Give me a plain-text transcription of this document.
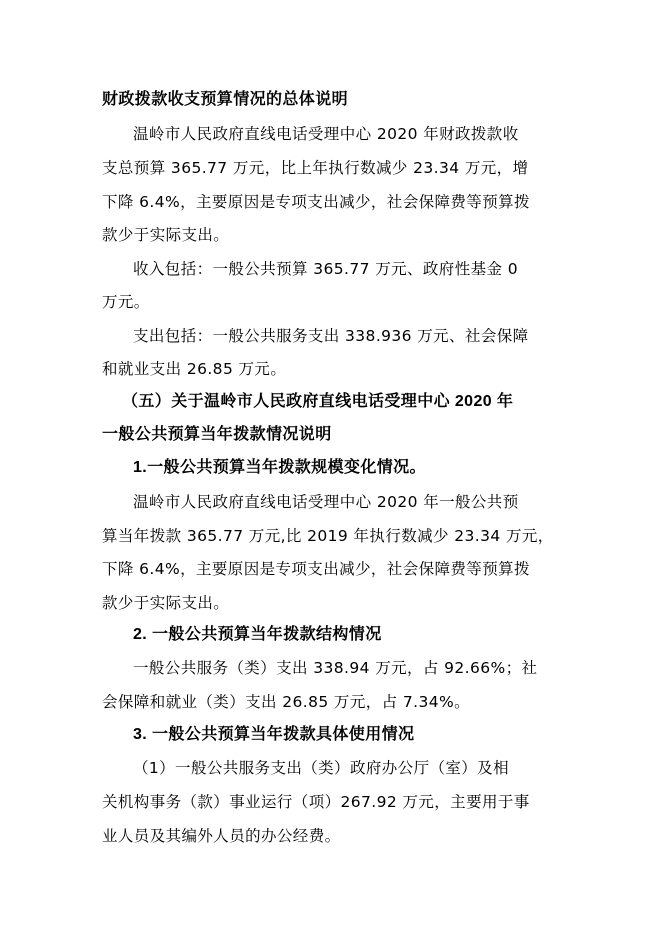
财政拨款收支预算情况的总体说明
温岭市人民政府直线电话受理中心 2020 年财政拨款收
支总预算 365.77 万元，比上年执行数减少 23.34 万元，增
下降 6.4%，主要原因是专项支出减少，社会保障费等预算拨
款少于实际支出。
收入包括：一般公共预算 365.77 万元、政府性基金 0
万元。
支出包括：一般公共服务支出 338.936 万元、社会保障
和就业支出 26.85 万元。
（五）关于温岭市人民政府直线电话受理中心 2020 年
一般公共预算当年拨款情况说明
1.一般公共预算当年拨款规模变化情况。
温岭市人民政府直线电话受理中心 2020 年一般公共预
算当年拨款 365.77 万元,比 2019 年执行数减少 23.34 万元，
下降 6.4%，主要原因是专项支出减少，社会保障费等预算拨
款少于实际支出。
2. 一般公共预算当年拨款结构情况
一般公共服务（类）支出 338.94 万元，占 92.66%；社
会保障和就业（类）支出 26.85 万元，占 7.34%。
3. 一般公共预算当年拨款具体使用情况
（1）一般公共服务支出（类）政府办公厅（室）及相
关机构事务（款）事业运行（项）267.92 万元，主要用于事
业人员及其编外人员的办公经费。
